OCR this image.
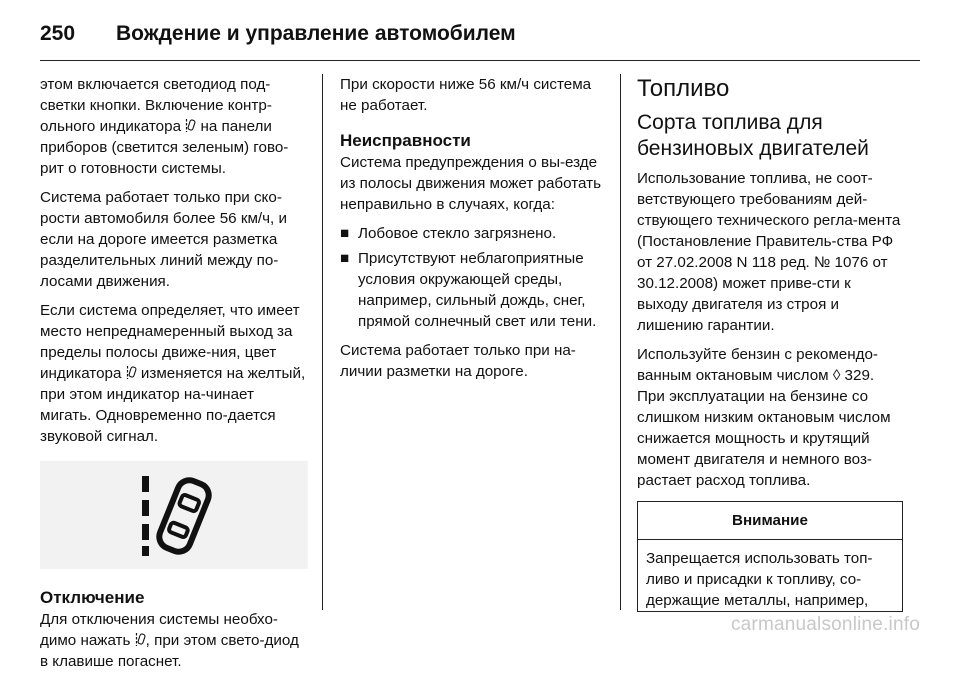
250	Вождение и управление автомобилем

этом включается светодиод под-светки кнопки. Включение контр-ольного индикатора  на панели приборов (светится зеленым) гово-рит о готовности системы.

Система работает только при ско-рости автомобиля более 56 км/ч, и если на дороге имеется разметка разделительных линий между по-лосами движения.

Если система определяет, что имеет место непреднамеренный выход за пределы полосы движе-ния, цвет индикатора  изменяется на желтый, при этом индикатор на-чинает мигать. Одновременно по-дается звуковой сигнал.

Отключение

Для отключения системы необхо-димо нажать , при этом свето-диод в клавише погаснет.

При скорости ниже 56 км/ч система не работает.

Неисправности

Система предупреждения о вы-езде из полосы движения может работать неправильно в случаях, когда:

■ Лобовое стекло загрязнено.
■ Присутствуют неблагоприятные условия окружающей среды, например, сильный дождь, снег, прямой солнечный свет или тени.

Система работает только при на-личии разметки на дороге.

Топливо
Сорта топлива для бензиновых двигателей

Использование топлива, не соот-ветствующего требованиям дей-ствующего технического регла-мента (Постановление Правитель-ства РФ от 27.02.2008 N 118 ред. № 1076 от 30.12.2008) может приве-сти к выходу двигателя из строя и лишению гарантии.

Используйте бензин с рекомендо-ванным октановым числом ◊ 329. При эксплуатации на бензине со слишком низким октановым числом снижается мощность и крутящий момент двигателя и немного воз-растает расход топлива.

Внимание

Запрещается использовать топ-ливо и присадки к топливу, со-держащие металлы, например,

carmanualsonline.info
